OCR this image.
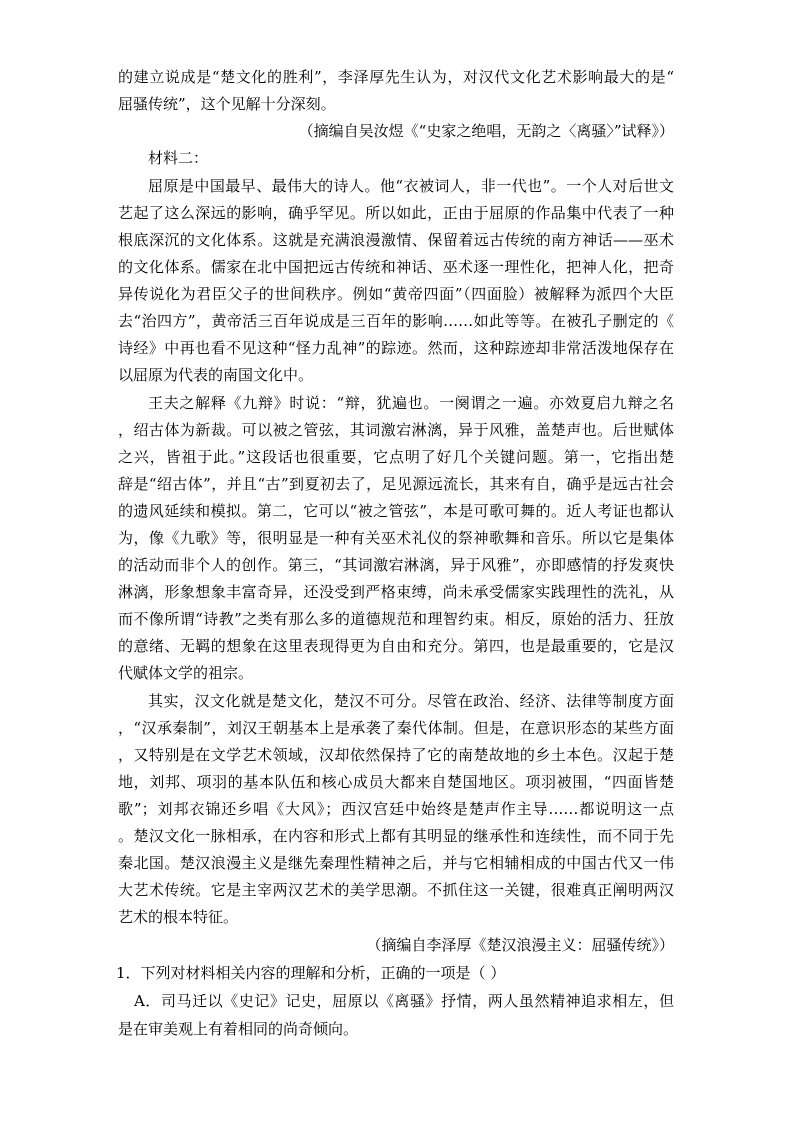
的建立说成是“楚文化的胜利”，李泽厚先生认为，对汉代文化艺术影响最大的是“
屈骚传统”，这个见解十分深刻。
（摘编自吴汝煜《“史家之绝唱，无韵之〈离骚〉”试释》）
材料二：
屈原是中国最早、最伟大的诗人。他“衣被词人，非一代也”。一个人对后世文
艺起了这么深远的影响，确乎罕见。所以如此，正由于屈原的作品集中代表了一种
根底深沉的文化体系。这就是充满浪漫激情、保留着远古传统的南方神话——巫术
的文化体系。儒家在北中国把远古传统和神话、巫术逐一理性化，把神人化，把奇
异传说化为君臣父子的世间秩序。例如“黄帝四面”（四面脸）被解释为派四个大臣
去“治四方”，黄帝活三百年说成是三百年的影响……如此等等。在被孔子删定的《
诗经》中再也看不见这种“怪力乱神”的踪迹。然而，这种踪迹却非常活泼地保存在
以屈原为代表的南国文化中。
王夫之解释《九辩》时说：“辩，犹遍也。一阕谓之一遍。亦效夏启九辩之名
，绍古体为新裁。可以被之管弦，其词激宕淋漓，异于风雅，盖楚声也。后世赋体
之兴，皆祖于此。”这段话也很重要，它点明了好几个关键问题。第一，它指出楚
辞是“绍古体”，并且“古”到夏初去了，足见源远流长，其来有自，确乎是远古社会
的遗风延续和模拟。第二，它可以“被之管弦”，本是可歌可舞的。近人考证也都认
为，像《九歌》等，很明显是一种有关巫术礼仪的祭神歌舞和音乐。所以它是集体
的活动而非个人的创作。第三，“其词激宕淋漓，异于风雅”，亦即感情的抒发爽快
淋漓，形象想象丰富奇异，还没受到严格束缚，尚未承受儒家实践理性的洗礼，从
而不像所谓“诗教”之类有那么多的道德规范和理智约束。相反，原始的活力、狂放
的意绪、无羁的想象在这里表现得更为自由和充分。第四，也是最重要的，它是汉
代赋体文学的祖宗。
其实，汉文化就是楚文化，楚汉不可分。尽管在政治、经济、法律等制度方面
，“汉承秦制”，刘汉王朝基本上是承袭了秦代体制。但是，在意识形态的某些方面
，又特别是在文学艺术领域，汉却依然保持了它的南楚故地的乡土本色。汉起于楚
地，刘邦、项羽的基本队伍和核心成员大都来自楚国地区。项羽被围，“四面皆楚
歌”；刘邦衣锦还乡唱《大风》；西汉宫廷中始终是楚声作主导……都说明这一点
。楚汉文化一脉相承，在内容和形式上都有其明显的继承性和连续性，而不同于先
秦北国。楚汉浪漫主义是继先秦理性精神之后，并与它相辅相成的中国古代又一伟
大艺术传统。它是主宰两汉艺术的美学思潮。不抓住这一关键，很难真正阐明两汉
艺术的根本特征。
（摘编自李泽厚《楚汉浪漫主义：屈骚传统》）
1．下列对材料相关内容的理解和分析，正确的一项是（ ）
A．司马迁以《史记》记史，屈原以《离骚》抒情，两人虽然精神追求相左，但
是在审美观上有着相同的尚奇倾向。
